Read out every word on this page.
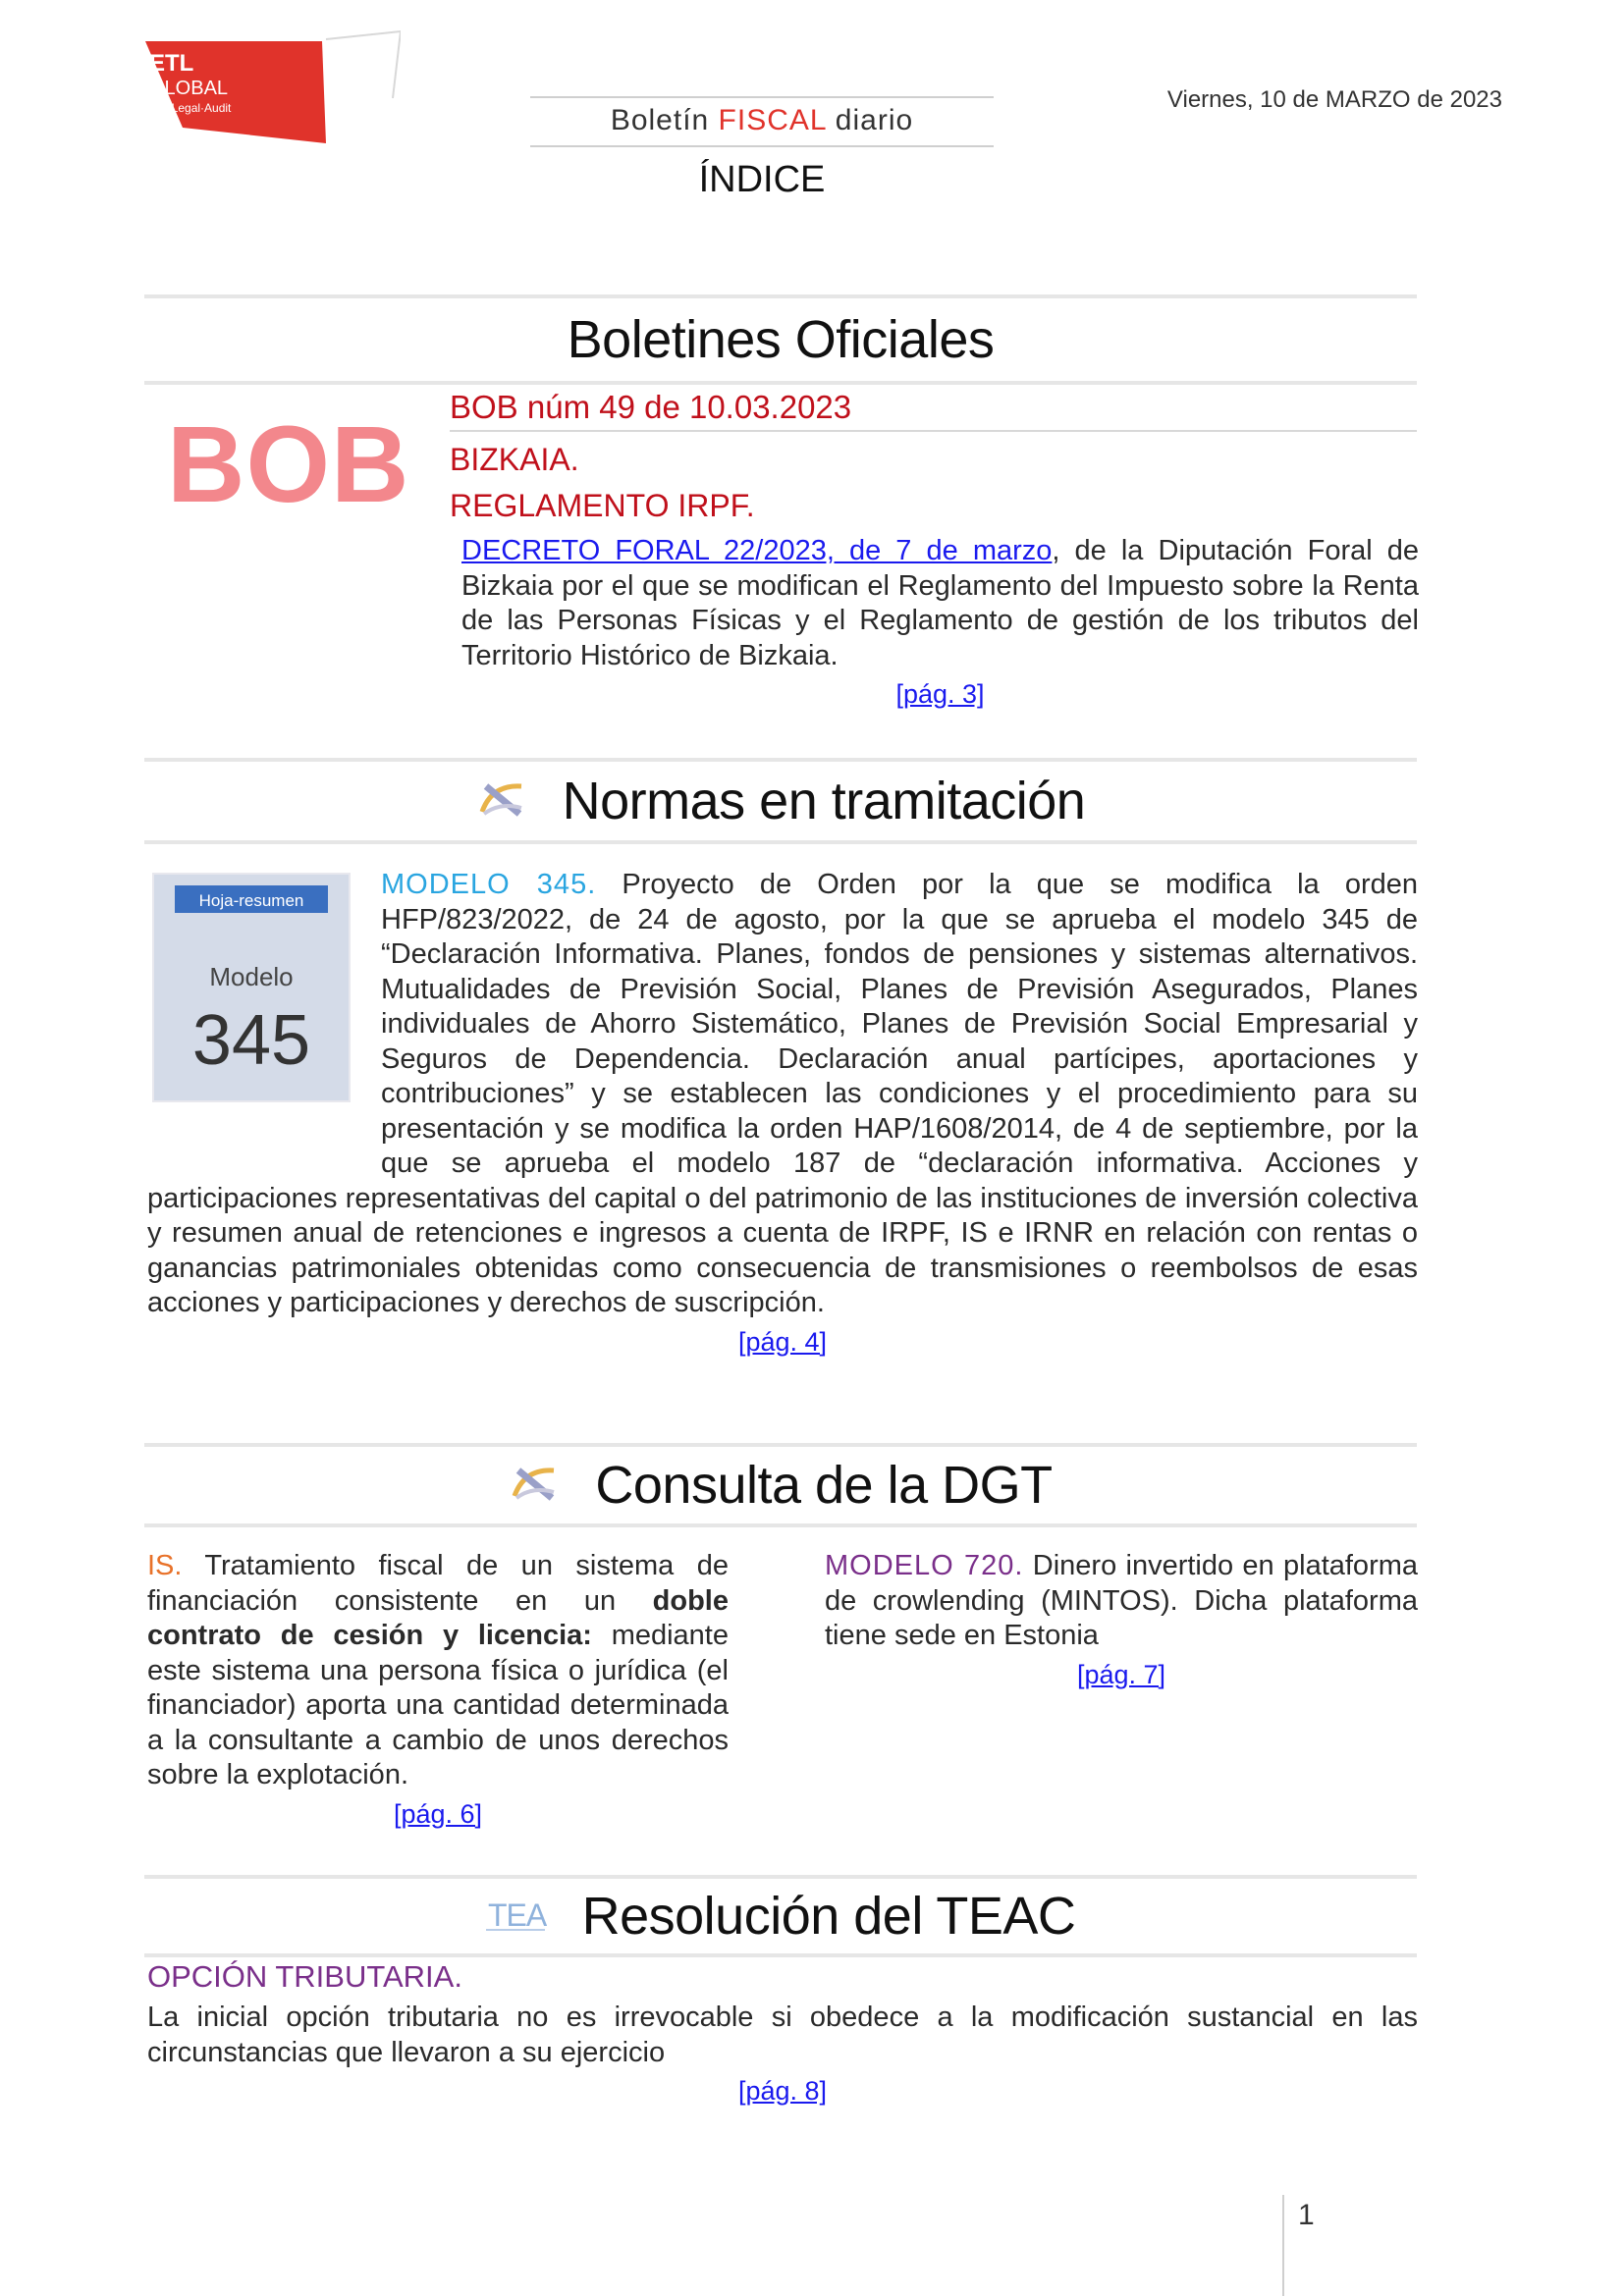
ETL
GLOBAL
Tax·Legal·Audit	Boletín FISCAL diario
Viernes, 10 de MARZO de 2023
ÍNDICE
Boletines Oficiales
BOB BOB núm 49 de 10.03.2023
BIZKAIA.
REGLAMENTO IRPF.
DECRETO FORAL 22/2023, de 7 de marzo, de la Diputación Foral de Bizkaia por el que se modifican el Reglamento del Impuesto sobre la Renta de las Personas Físicas y el Reglamento de gestión de los tributos del Territorio Histórico de Bizkaia.
[pág. 3]
Normas en tramitación
Hoja-resumen
Modelo
345
MODELO 345. Proyecto de Orden por la que se modifica la orden HFP/823/2022, de 24 de agosto, por la que se aprueba el modelo 345 de “Declaración Informativa. Planes, fondos de pensiones y sistemas alternativos. Mutualidades de Previsión Social, Planes de Previsión Asegurados, Planes individuales de Ahorro Sistemático, Planes de Previsión Social Empresarial y Seguros de Dependencia. Declaración anual partícipes, aportaciones y contribuciones” y se establecen las condiciones y el procedimiento para su presentación y se modifica la orden HAP/1608/2014, de 4 de septiembre, por la que se aprueba el modelo 187 de “declaración informativa. Acciones y participaciones representativas del capital o del patrimonio de las instituciones de inversión colectiva y resumen anual de retenciones e ingresos a cuenta de IRPF, IS e IRNR en relación con rentas o ganancias patrimoniales obtenidas como consecuencia de transmisiones o reembolsos de esas acciones y participaciones y derechos de suscripción.
[pág. 4]
Consulta de la DGT
IS. Tratamiento fiscal de un sistema de financiación consistente en un doble contrato de cesión y licencia: mediante este sistema una persona física o jurídica (el financiador) aporta una cantidad determinada a la consultante a cambio de unos derechos sobre la explotación.
[pág. 6]
MODELO 720. Dinero invertido en plataforma de crowlending (MINTOS). Dicha plataforma tiene sede en Estonia
[pág. 7]
TEA Resolución del TEAC
OPCIÓN TRIBUTARIA.
La inicial opción tributaria no es irrevocable si obedece a la modificación sustancial en las circunstancias que llevaron a su ejercicio
[pág. 8]
1
